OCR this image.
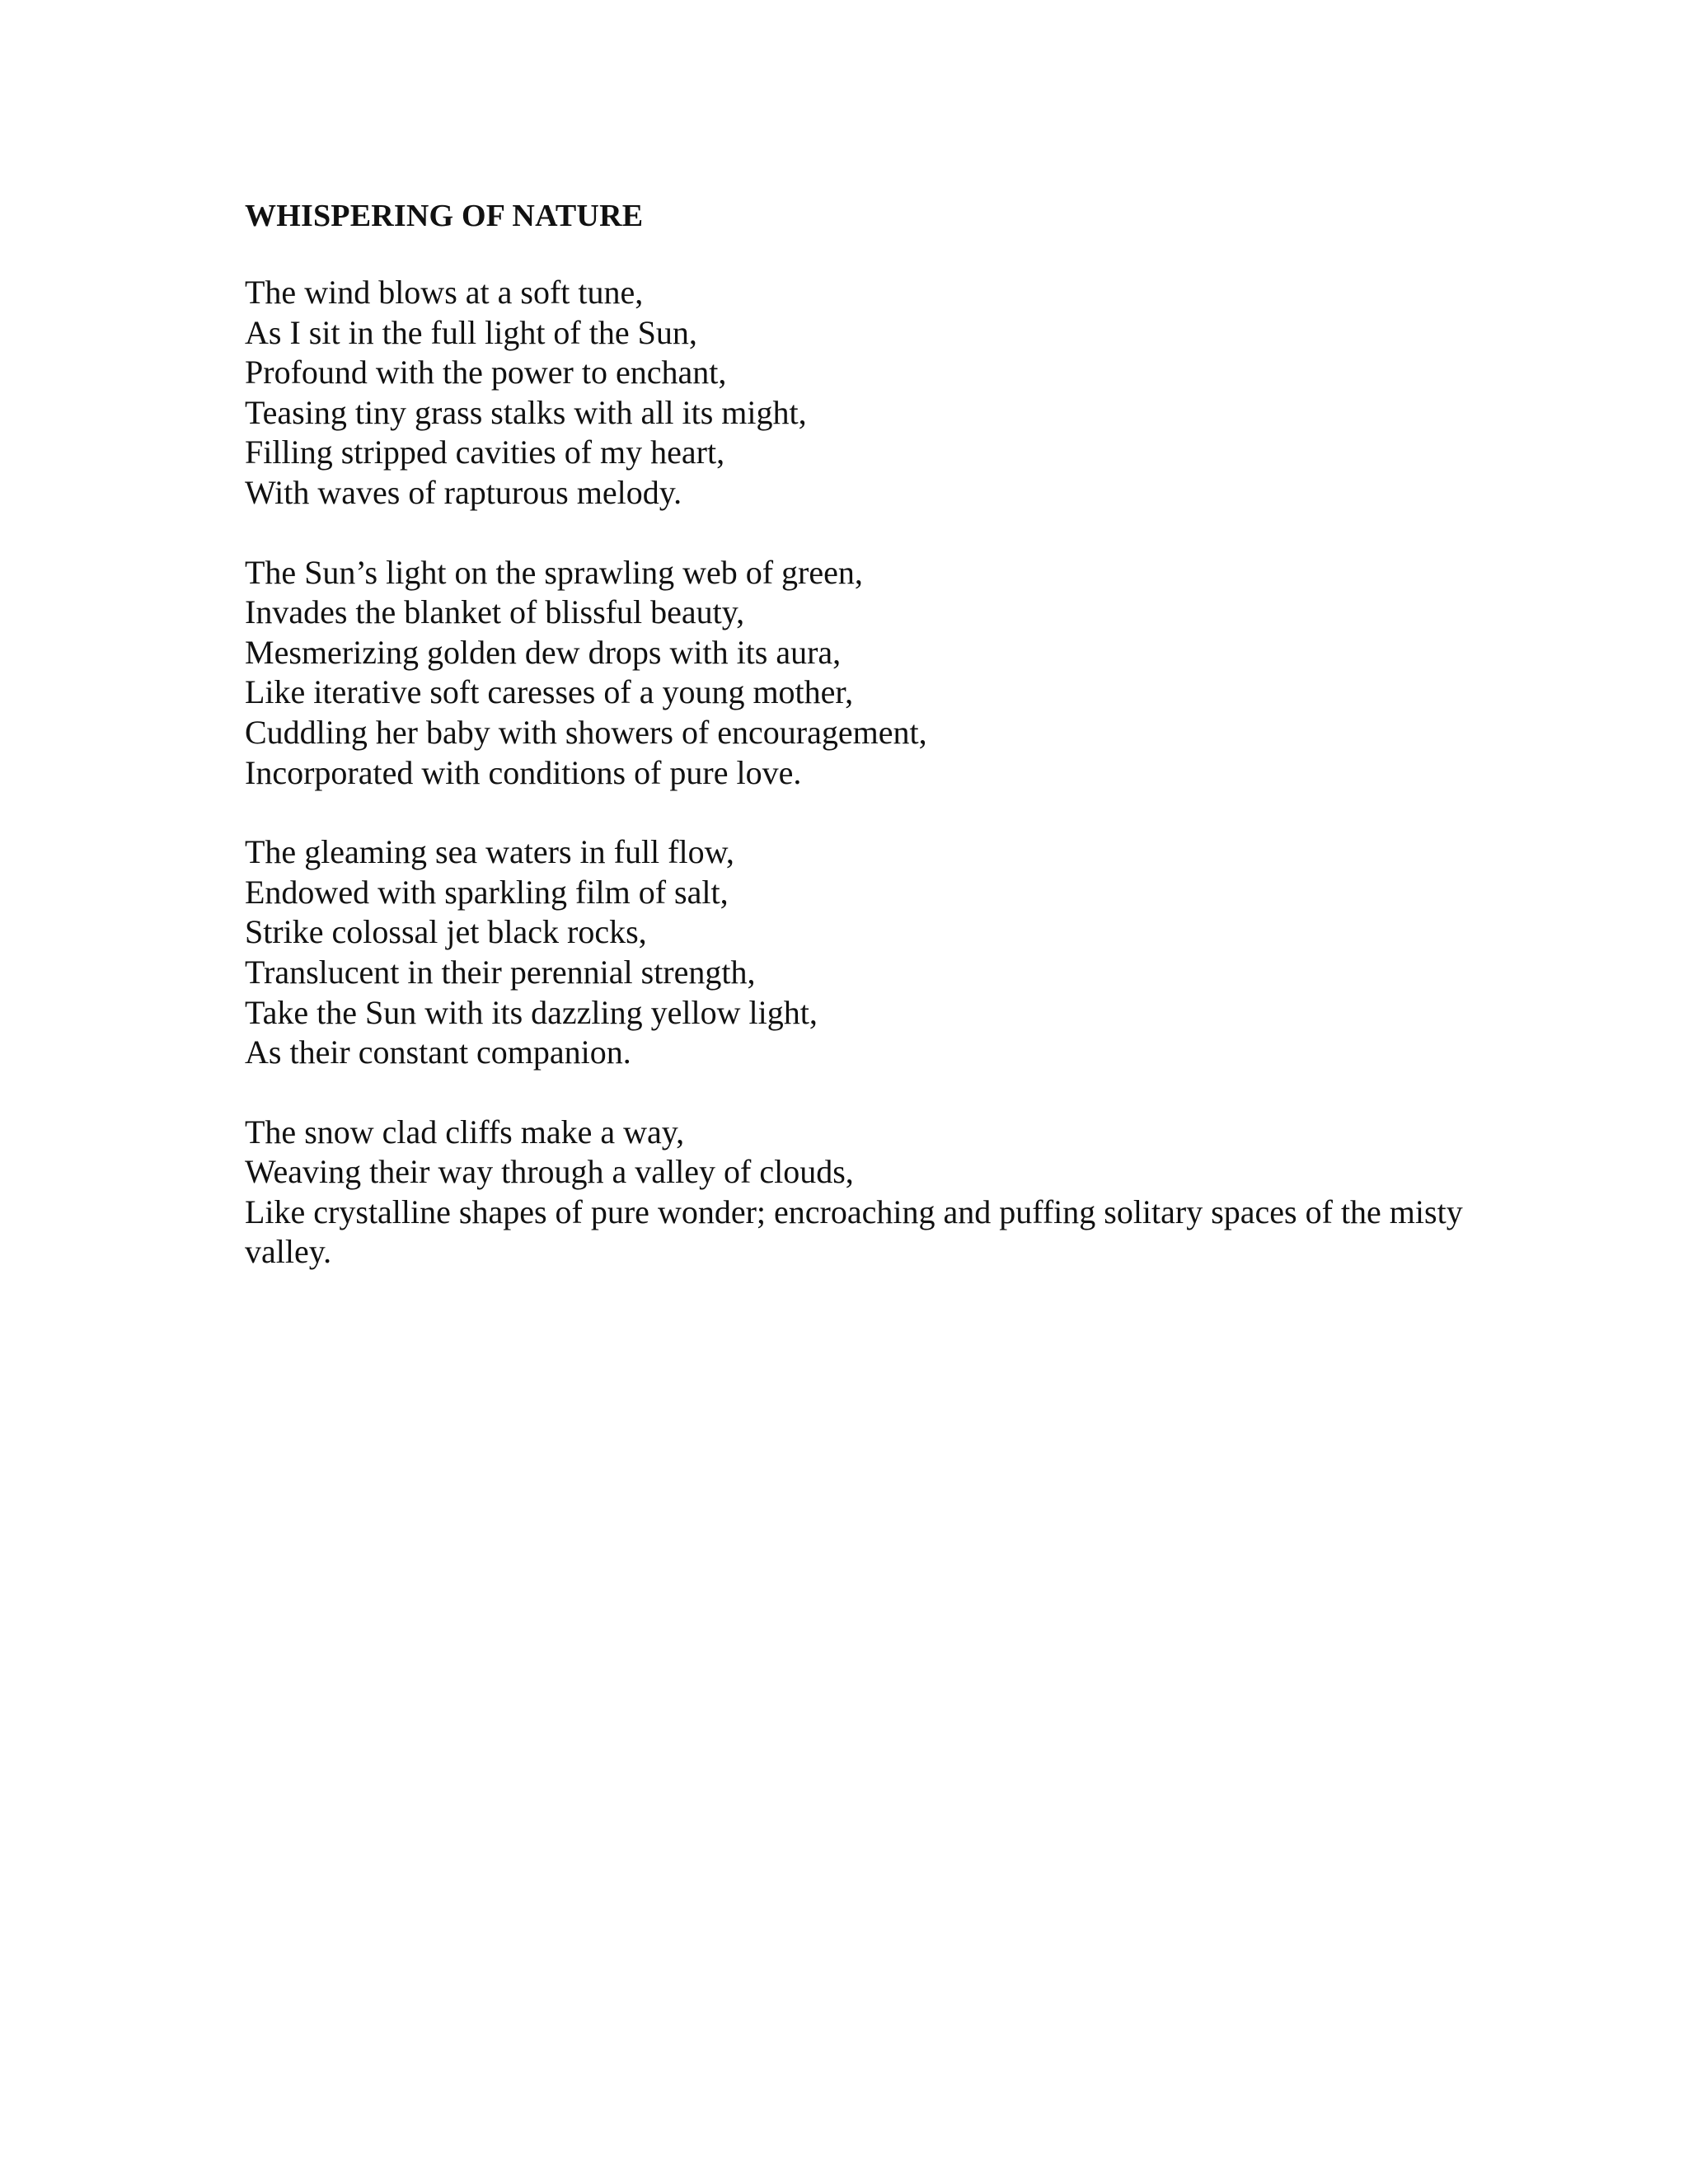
WHISPERING OF NATURE
The wind blows at a soft tune,
As I sit in the full light of the Sun,
Profound with the power to enchant,
Teasing tiny grass stalks with all its might,
Filling stripped cavities of my heart,
With waves of rapturous melody.
The Sun’s light on the sprawling web of green,
Invades the blanket of blissful beauty,
Mesmerizing golden dew drops with its aura,
Like iterative soft caresses of a young mother,
Cuddling her baby with showers of encouragement,
Incorporated with conditions of pure love.
The gleaming sea waters in full flow,
Endowed with sparkling film of salt,
Strike colossal jet black rocks,
Translucent in their perennial strength,
Take the Sun with its dazzling yellow light,
As their constant companion.
The snow clad cliffs make a way,
Weaving their way through a valley of clouds,
Like crystalline shapes of pure wonder; encroaching and puffing solitary spaces of the misty valley.
